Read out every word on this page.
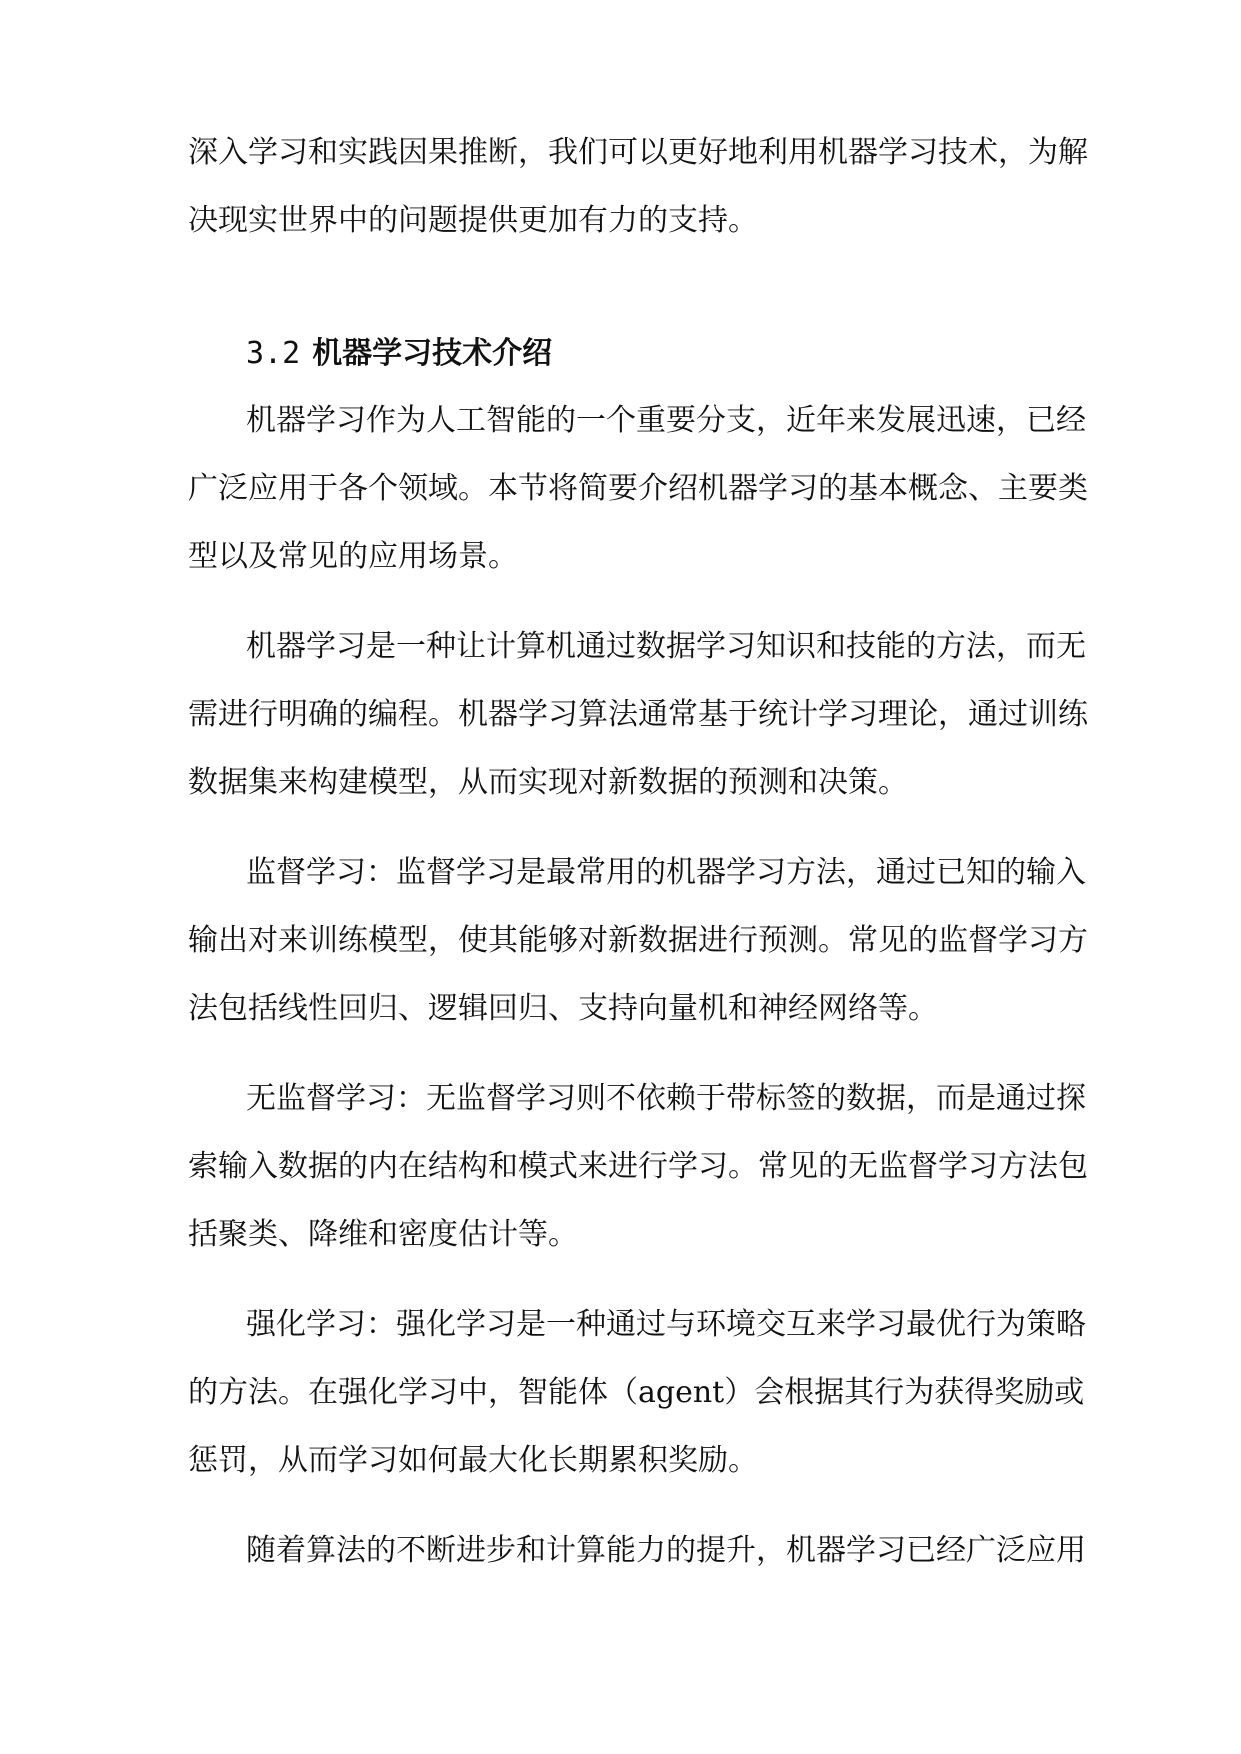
深入学习和实践因果推断，我们可以更好地利用机器学习技术，为解
决现实世界中的问题提供更加有力的支持。
3.2 机器学习技术介绍
机器学习作为人工智能的一个重要分支，近年来发展迅速，已经
广泛应用于各个领域。本节将简要介绍机器学习的基本概念、主要类
型以及常见的应用场景。
机器学习是一种让计算机通过数据学习知识和技能的方法，而无
需进行明确的编程。机器学习算法通常基于统计学习理论，通过训练
数据集来构建模型，从而实现对新数据的预测和决策。
监督学习：监督学习是最常用的机器学习方法，通过已知的输入
输出对来训练模型，使其能够对新数据进行预测。常见的监督学习方
法包括线性回归、逻辑回归、支持向量机和神经网络等。
无监督学习：无监督学习则不依赖于带标签的数据，而是通过探
索输入数据的内在结构和模式来进行学习。常见的无监督学习方法包
括聚类、降维和密度估计等。
强化学习：强化学习是一种通过与环境交互来学习最优行为策略
的方法。在强化学习中，智能体（agent）会根据其行为获得奖励或
惩罚，从而学习如何最大化长期累积奖励。
随着算法的不断进步和计算能力的提升，机器学习已经广泛应用
